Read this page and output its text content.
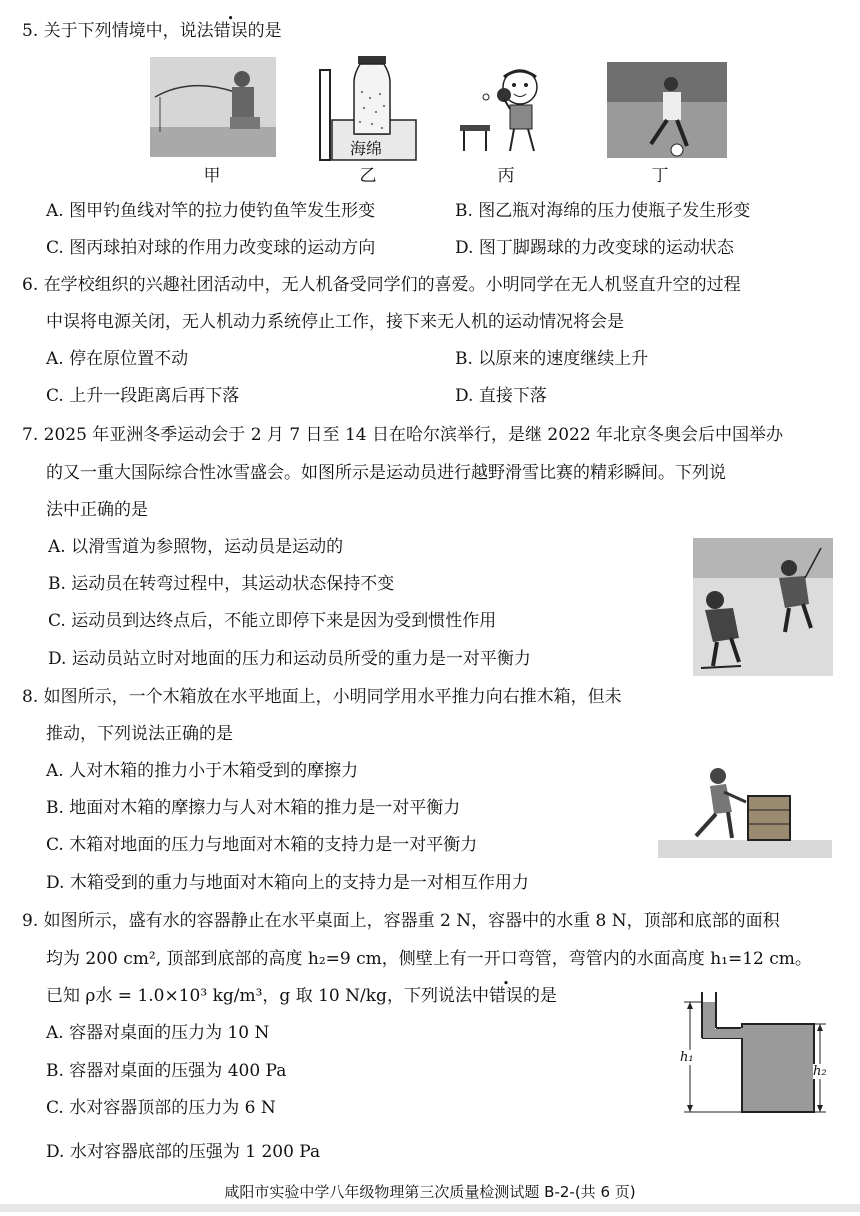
5. 关于下列情境中，说法错误的是
海绵
甲	乙	丙	丁
A. 图甲钓鱼线对竿的拉力使钓鱼竿发生形变	B. 图乙瓶对海绵的压力使瓶子发生形变
C. 图丙球拍对球的作用力改变球的运动方向	D. 图丁脚踢球的力改变球的运动状态
6. 在学校组织的兴趣社团活动中，无人机备受同学们的喜爱。小明同学在无人机竖直升空的过程
中误将电源关闭，无人机动力系统停止工作，接下来无人机的运动情况将会是
A. 停在原位置不动	B. 以原来的速度继续上升
C. 上升一段距离后再下落	D. 直接下落
7. 2025 年亚洲冬季运动会于 2 月 7 日至 14 日在哈尔滨举行，是继 2022 年北京冬奥会后中国举办
的又一重大国际综合性冰雪盛会。如图所示是运动员进行越野滑雪比赛的精彩瞬间。下列说
法中正确的是
A. 以滑雪道为参照物，运动员是运动的
B. 运动员在转弯过程中，其运动状态保持不变
C. 运动员到达终点后，不能立即停下来是因为受到惯性作用
D. 运动员站立时对地面的压力和运动员所受的重力是一对平衡力
8. 如图所示，一个木箱放在水平地面上，小明同学用水平推力向右推木箱，但未
推动，下列说法正确的是
A. 人对木箱的推力小于木箱受到的摩擦力
B. 地面对木箱的摩擦力与人对木箱的推力是一对平衡力
C. 木箱对地面的压力与地面对木箱的支持力是一对平衡力
D. 木箱受到的重力与地面对木箱向上的支持力是一对相互作用力
9. 如图所示，盛有水的容器静止在水平桌面上，容器重 2 N，容器中的水重 8 N，顶部和底部的面积
均为 200 cm², 顶部到底部的高度 h₂=9 cm，侧壁上有一开口弯管，弯管内的水面高度 h₁=12 cm。
已知 ρ水 = 1.0×10³ kg/m³，g 取 10 N/kg，下列说法中错误的是
A. 容器对桌面的压力为 10 N
B. 容器对桌面的压强为 400 Pa
C. 水对容器顶部的压力为 6 N
D. 水对容器底部的压强为 1 200 Pa
h₁
h₂
咸阳市实验中学八年级物理第三次质量检测试题 B-2-(共 6 页)
